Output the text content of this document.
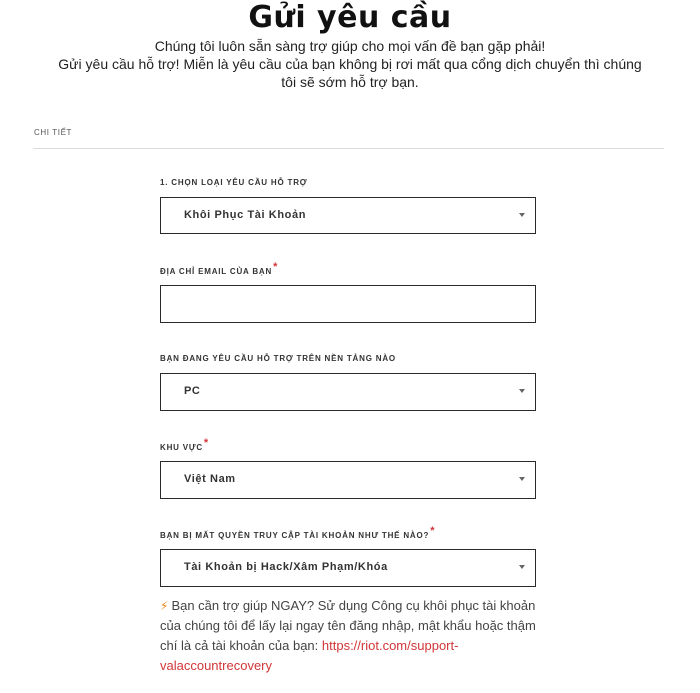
Gửi yêu cầu
Chúng tôi luôn sẵn sàng trợ giúp cho mọi vấn đề bạn gặp phải!
Gửi yêu cầu hỗ trợ! Miễn là yêu cầu của bạn không bị rơi mất qua cổng dịch chuyển thì chúng
tôi sẽ sớm hỗ trợ bạn.
CHI TIẾT
1. CHỌN LOẠI YÊU CẦU HỖ TRỢ
Khôi Phục Tài Khoản
ĐỊA CHỈ EMAIL CỦA BẠN*
BẠN ĐANG YÊU CẦU HỖ TRỢ TRÊN NỀN TẢNG NÀO
PC
KHU VỰC*
Việt Nam
BẠN BỊ MẤT QUYỀN TRUY CẬP TÀI KHOẢN NHƯ THẾ NÀO?*
Tài Khoản bị Hack/Xâm Phạm/Khóa
⚡ Bạn cần trợ giúp NGAY? Sử dụng Công cụ khôi phục tài khoản của chúng tôi để lấy lại ngay tên đăng nhập, mật khẩu hoặc thậm chí là cả tài khoản của bạn: https://riot.com/support-valaccountrecovery
